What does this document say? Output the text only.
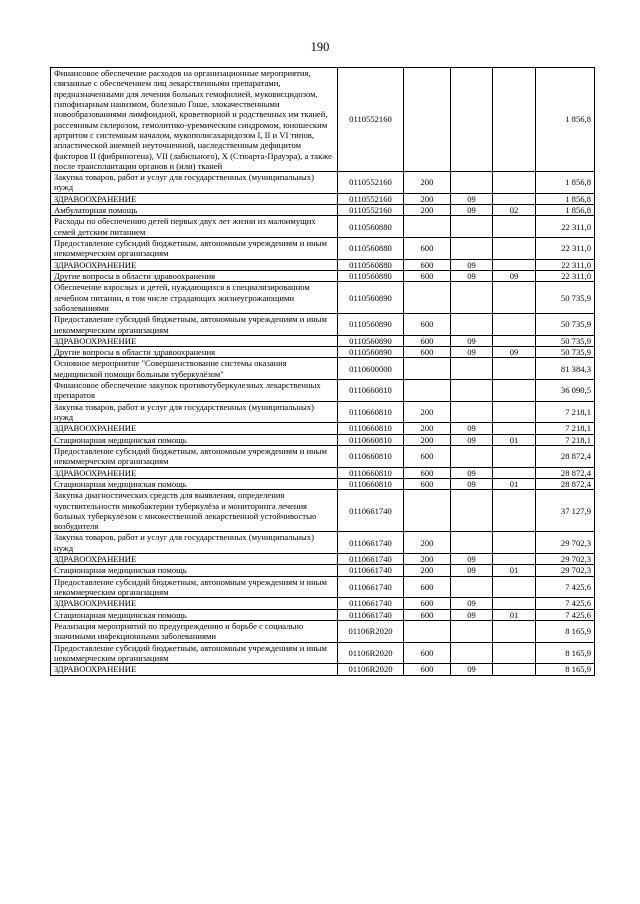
190
Финансовое обеспечение расходов на организационные мероприятия, связанные с обеспечением лиц лекарственными препаратами, предназначенными для лечения больных гемофилией, муковисцидозом, гипофизарным нанизмом, болезнью Гоше, злокачественными новообразованиями лимфоидной, кроветворной и родственных им тканей, рассеянным склерозом, гемолитико-уремическим синдромом, юношеским артритом с системным началом, мукополисахаридозом I, II и VI типов, апластической анемией неуточненной, наследственным дефицитом факторов II (фибриногена), VII (лабильного), X (Стюарта-Прауэра), а также после трансплантации органов и (или) тканей	0110552160				1 856,8
Закупка товаров, работ и услуг для государственных (муниципальных) нужд	0110552160	200			1 856,8
ЗДРАВООХРАНЕНИЕ	0110552160	200	09		1 856,8
Амбулаторная помощь	0110552160	200	09	02	1 856,8
Расходы по обеспечению детей первых двух лет жизни из малоимущих семей детским питанием	0110560880				22 311,0
Предоставление субсидий бюджетным, автономным учреждениям и иным некоммерческим организациям	0110560880	600			22 311,0
ЗДРАВООХРАНЕНИЕ	0110560880	600	09		22 311,0
Другие вопросы в области здравоохранения	0110560880	600	09	09	22 311,0
Обеспечение взрослых и детей, нуждающихся в специализированном лечебном питании, в том числе страдающих жизнеугрожающими заболеваниями	0110560890				50 735,9
Предоставление субсидий бюджетным, автономным учреждениям и иным некоммерческим организациям	0110560890	600			50 735,9
ЗДРАВООХРАНЕНИЕ	0110560890	600	09		50 735,9
Другие вопросы в области здравоохранения	0110560890	600	09	09	50 735,9
Основное мероприятие "Совершенствование системы оказания медицинской помощи больным туберкулёзом"	0110600000				81 384,3
Финансовое обеспечение закупок противотуберкулезных лекарственных препаратов	0110660810				36 090,5
Закупка товаров, работ и услуг для государственных (муниципальных) нужд	0110660810	200			7 218,1
ЗДРАВООХРАНЕНИЕ	0110660810	200	09		7 218,1
Стационарная медицинская помощь	0110660810	200	09	01	7 218,1
Предоставление субсидий бюджетным, автономным учреждениям и иным некоммерческим организациям	0110660810	600			28 872,4
ЗДРАВООХРАНЕНИЕ	0110660810	600	09		28 872,4
Стационарная медицинская помощь	0110660810	600	09	01	28 872,4
Закупка диагностических средств для выявления, определения чувствительности микобактерии туберкулёза и мониторинга лечения больных туберкулёзом с множественной лекарственной устойчивостью возбудителя	0110661740				37 127,9
Закупка товаров, работ и услуг для государственных (муниципальных) нужд	0110661740	200			29 702,3
ЗДРАВООХРАНЕНИЕ	0110661740	200	09		29 702,3
Стационарная медицинская помощь	0110661740	200	09	01	29 702,3
Предоставление субсидий бюджетным, автономным учреждениям и иным некоммерческим организациям	0110661740	600			7 425,6
ЗДРАВООХРАНЕНИЕ	0110661740	600	09		7 425,6
Стационарная медицинская помощь	0110661740	600	09	01	7 425,6
Реализация мероприятий по предупреждению и борьбе с социально значимыми инфекционными заболеваниями	01106R2020				8 165,9
Предоставление субсидий бюджетным, автономным учреждениям и иным некоммерческим организациям	01106R2020	600			8 165,9
ЗДРАВООХРАНЕНИЕ	01106R2020	600	09		8 165,9
